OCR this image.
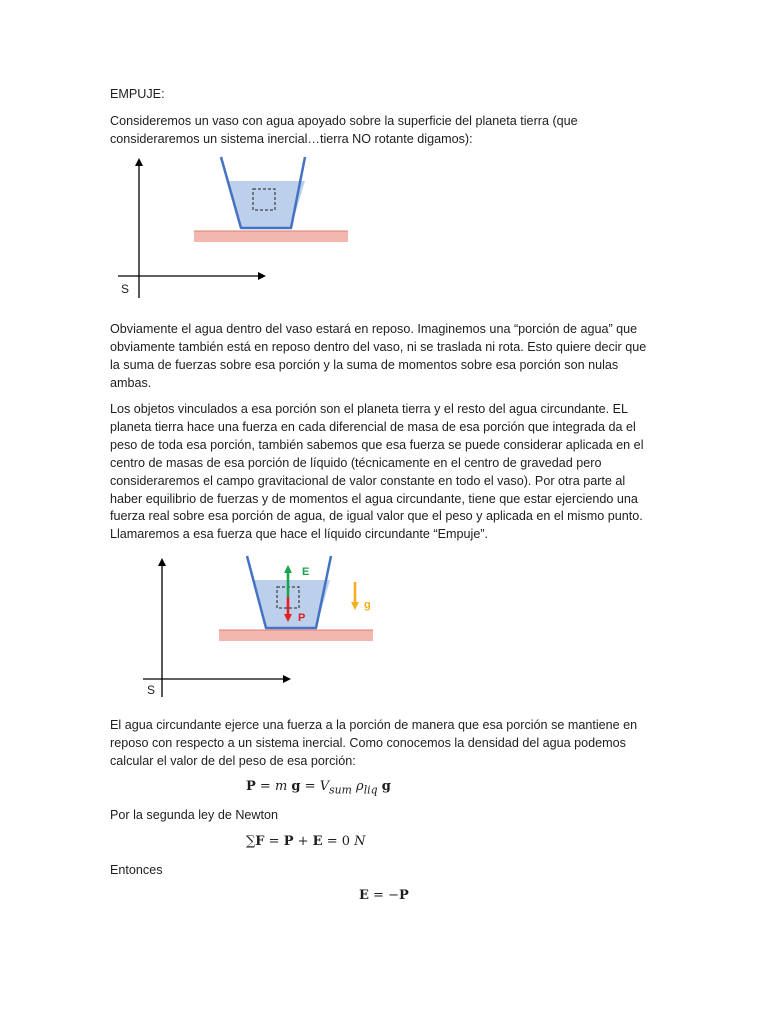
EMPUJE:

Consideremos un vaso con agua apoyado sobre la superficie del planeta tierra (que consideraremos un sistema inercial…tierra NO rotante digamos):

S

Obviamente el agua dentro del vaso estará en reposo. Imaginemos una “porción de agua” que obviamente también está en reposo dentro del vaso, ni se traslada ni rota. Esto quiere decir que la suma de fuerzas sobre esa porción y la suma de momentos sobre esa porción son nulas ambas.

Los objetos vinculados a esa porción son el planeta tierra y el resto del agua circundante. EL planeta tierra hace una fuerza en cada diferencial de masa de esa porción que integrada da el peso de toda esa porción, también sabemos que esa fuerza se puede considerar aplicada en el centro de masas de esa porción de líquido (técnicamente en el centro de gravedad pero consideraremos el campo gravitacional de valor constante en todo el vaso). Por otra parte al haber equilibrio de fuerzas y de momentos el agua circundante, tiene que estar ejerciendo una fuerza real sobre esa porción de agua, de igual valor que el peso y aplicada en el mismo punto. Llamaremos a esa fuerza que hace el líquido circundante “Empuje”.

S
E
P
g

El agua circundante ejerce una fuerza a la porción de manera que esa porción se mantiene en reposo con respecto a un sistema inercial. Como conocemos la densidad del agua podemos calcular el valor de del peso de esa porción:

P = m $g = V_{sum}$ $\rho_{liq}$ g

Por la segunda ley de Newton

∑F = P + E = 0 N

Entonces

E = −P
